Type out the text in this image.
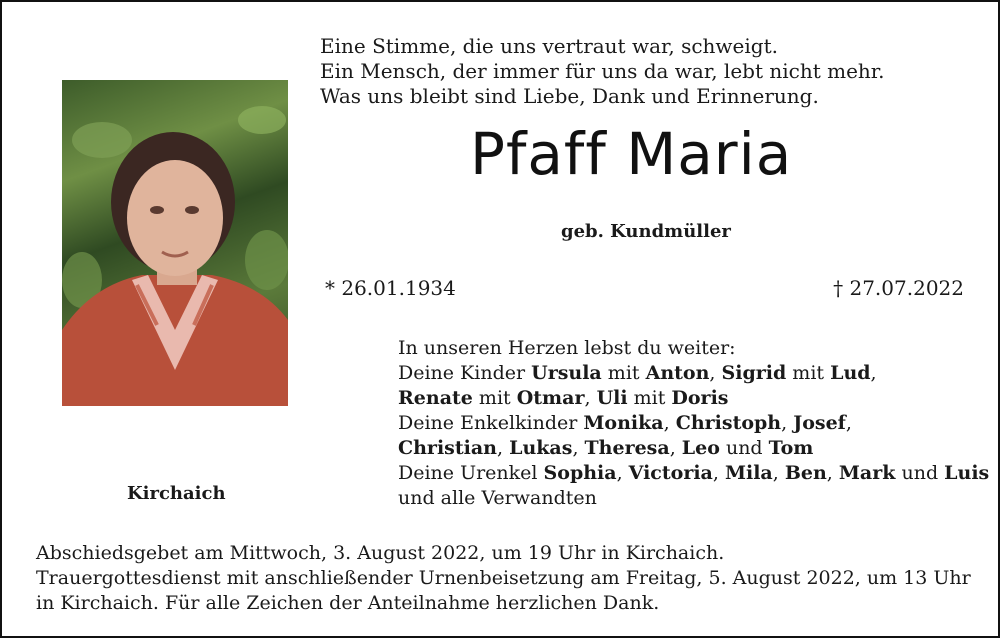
Eine Stimme, die uns vertraut war, schweigt.
Ein Mensch, der immer für uns da war, lebt nicht mehr.
Was uns bleibt sind Liebe, Dank und Erinnerung.
Pfaff Maria
geb. Kundmüller
* 26.01.1934	† 27.07.2022
In unseren Herzen lebst du weiter:
Deine Kinder Ursula mit Anton, Sigrid mit Lud,
Renate mit Otmar, Uli mit Doris
Deine Enkelkinder Monika, Christoph, Josef,
Christian, Lukas, Theresa, Leo und Tom
Deine Urenkel Sophia, Victoria, Mila, Ben, Mark und Luis
und alle Verwandten
Kirchaich
Abschiedsgebet am Mittwoch, 3. August 2022, um 19 Uhr in Kirchaich.
Trauergottesdienst mit anschließender Urnenbeisetzung am Freitag, 5. August 2022, um 13 Uhr
in Kirchaich. Für alle Zeichen der Anteilnahme herzlichen Dank.
